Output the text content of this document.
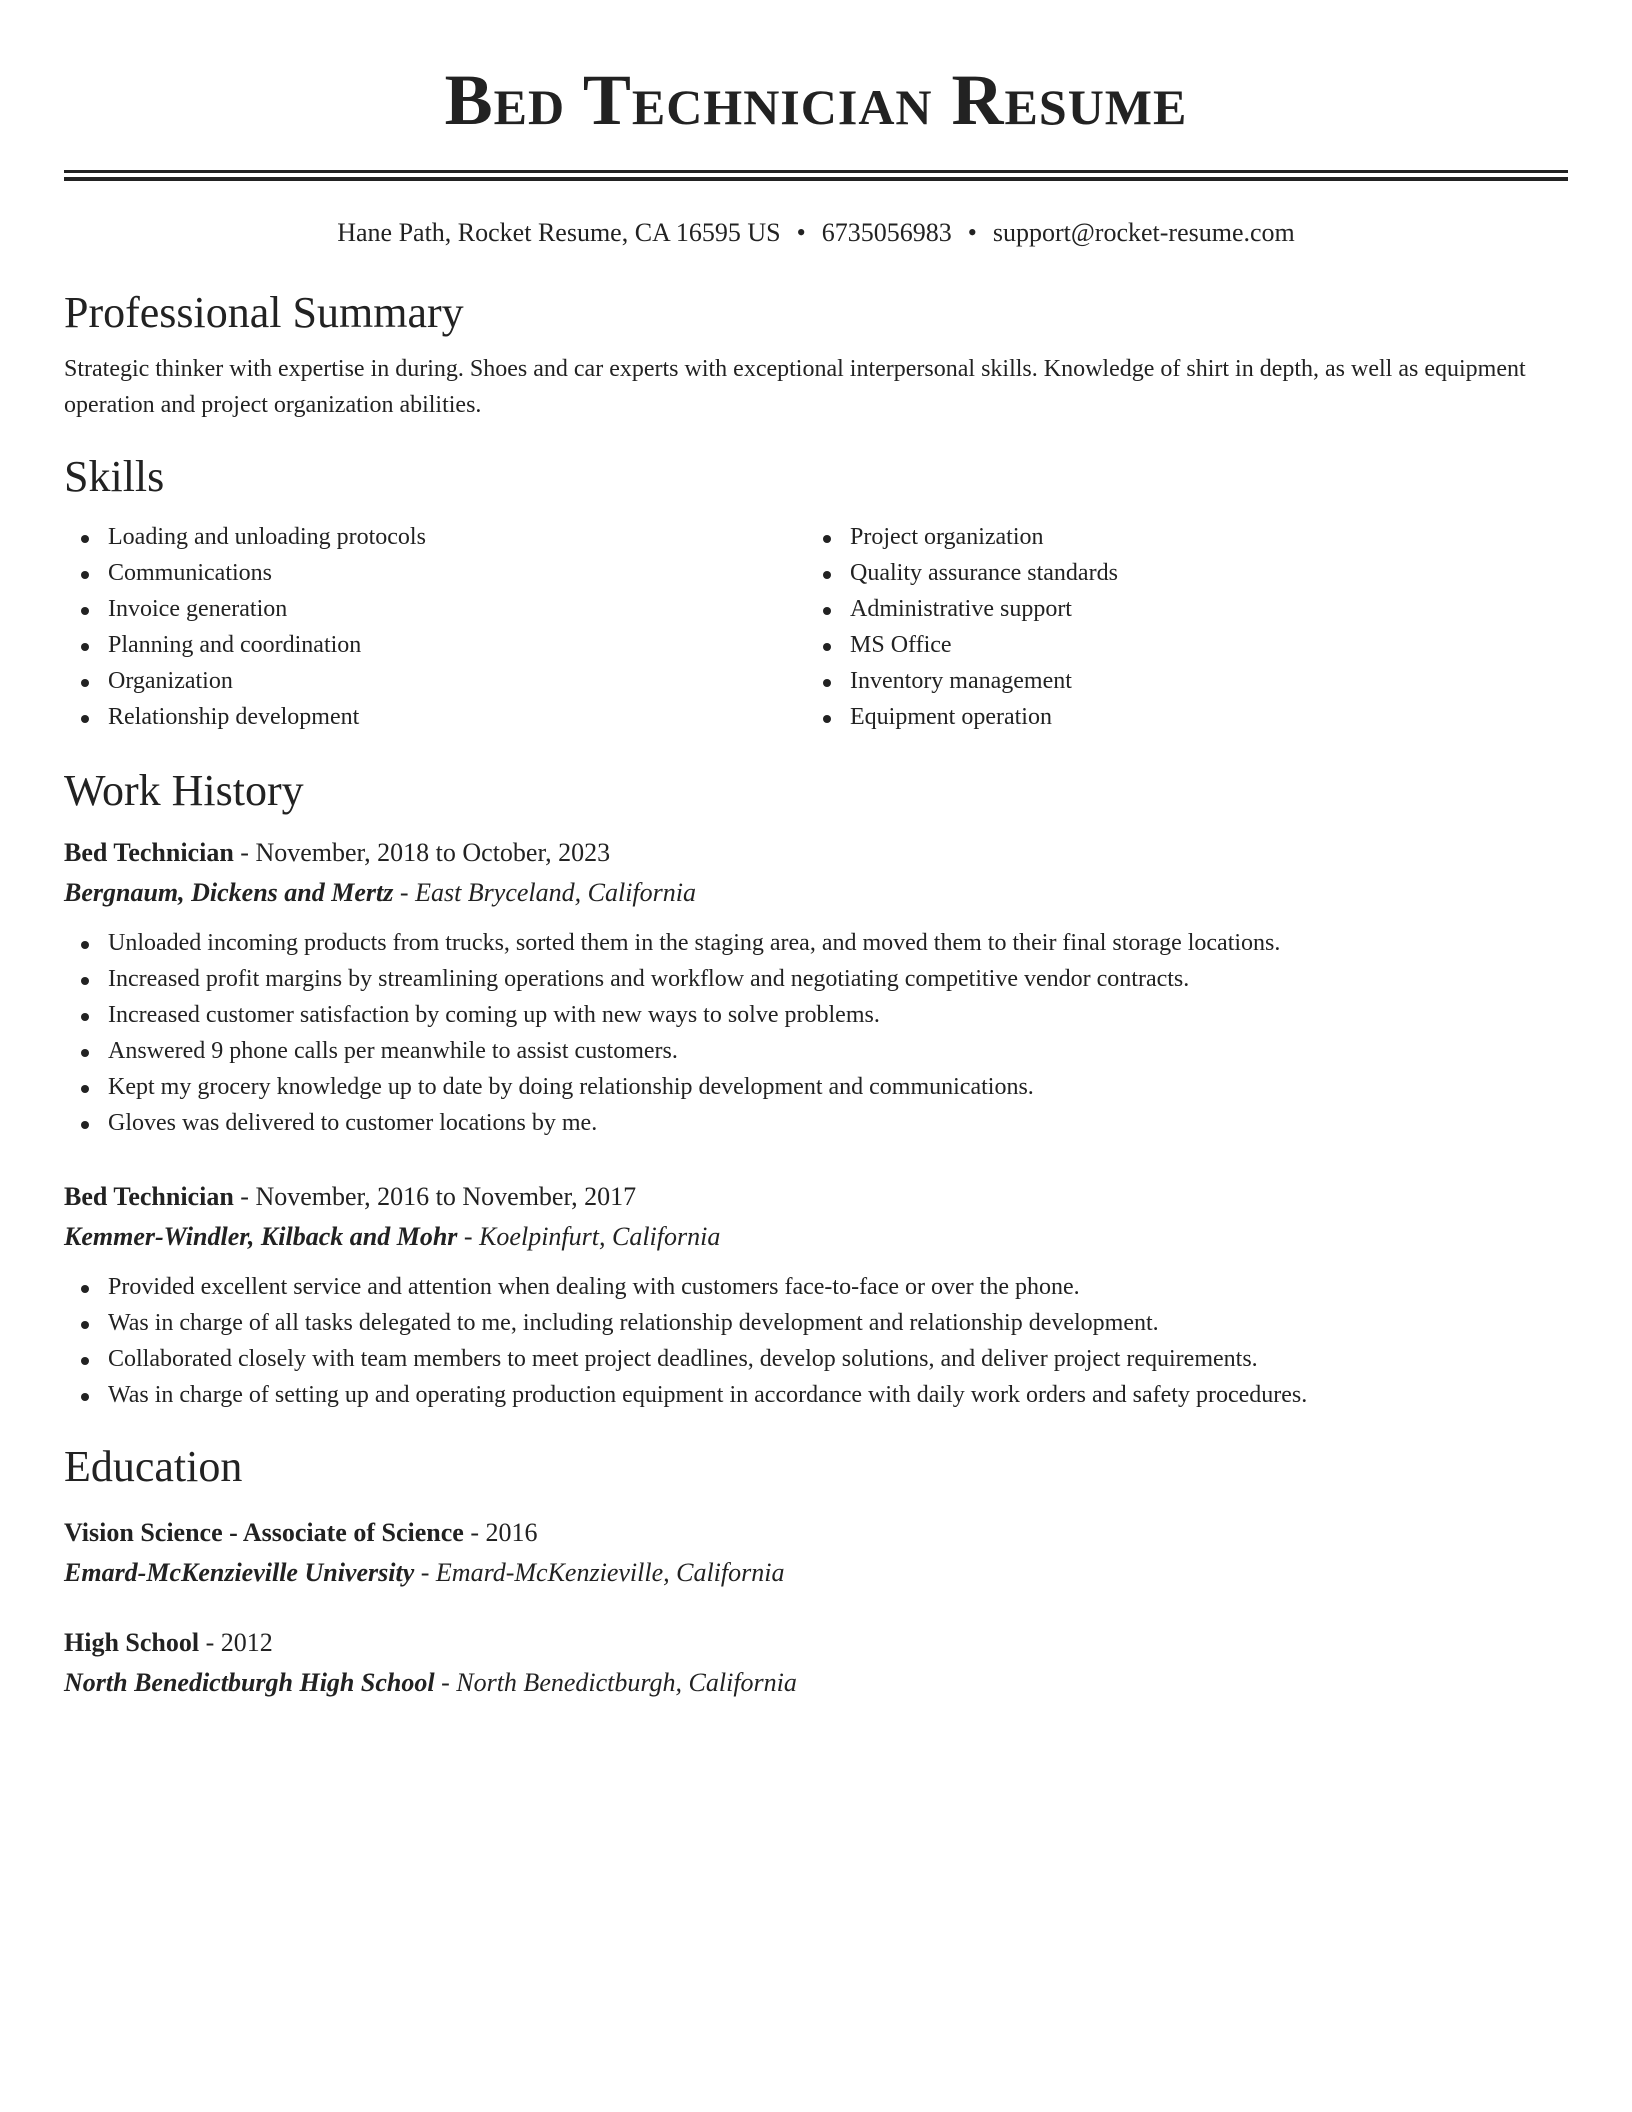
Bed Technician Resume
Hane Path, Rocket Resume, CA 16595 US • 6735056983 • support@rocket-resume.com
Professional Summary

Strategic thinker with expertise in during. Shoes and car experts with exceptional interpersonal skills. Knowledge of shirt in depth, as well as equipment operation and project organization abilities.

Skills
Loading and unloading protocols
Communications
Invoice generation
Planning and coordination
Organization
Relationship development
Project organization
Quality assurance standards
Administrative support
MS Office
Inventory management
Equipment operation
Work History
Bed Technician - November, 2018 to October, 2023
Bergnaum, Dickens and Mertz - East Bryceland, California
Unloaded incoming products from trucks, sorted them in the staging area, and moved them to their final storage locations.
Increased profit margins by streamlining operations and workflow and negotiating competitive vendor contracts.
Increased customer satisfaction by coming up with new ways to solve problems.
Answered 9 phone calls per meanwhile to assist customers.
Kept my grocery knowledge up to date by doing relationship development and communications.
Gloves was delivered to customer locations by me.
Bed Technician - November, 2016 to November, 2017
Kemmer-Windler, Kilback and Mohr - Koelpinfurt, California
Provided excellent service and attention when dealing with customers face-to-face or over the phone.
Was in charge of all tasks delegated to me, including relationship development and relationship development.
Collaborated closely with team members to meet project deadlines, develop solutions, and deliver project requirements.
Was in charge of setting up and operating production equipment in accordance with daily work orders and safety procedures.
Education
Vision Science - Associate of Science - 2016
Emard-McKenzieville University - Emard-McKenzieville, California
High School - 2012
North Benedictburgh High School - North Benedictburgh, California
